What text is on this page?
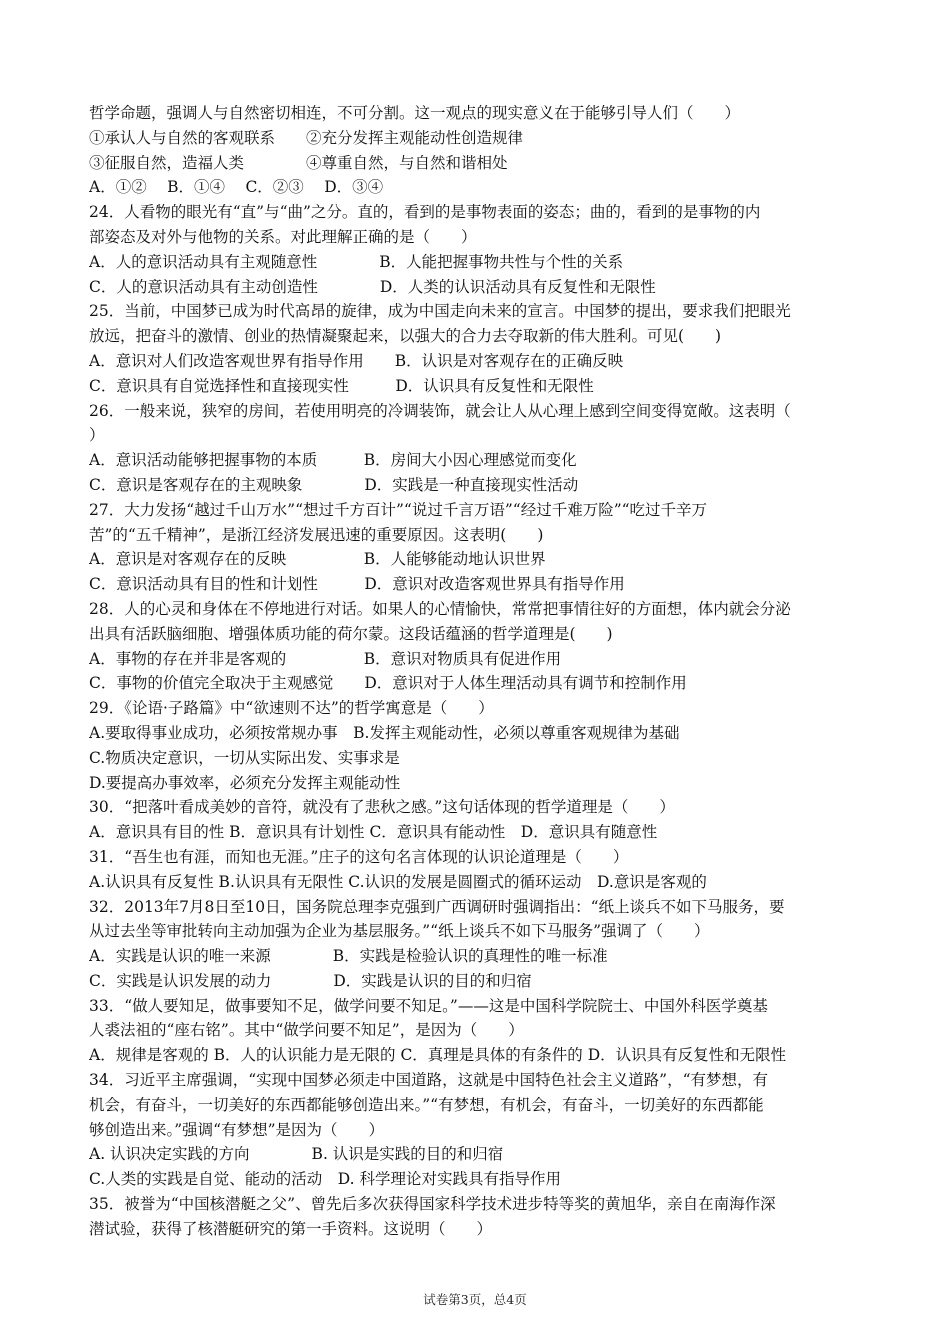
哲学命题，强调人与自然密切相连，不可分割。这一观点的现实意义在于能够引导人们（　　）
①承认人与自然的客观联系　　②充分发挥主观能动性创造规律
③征服自然，造福人类　　　　④尊重自然，与自然和谐相处
A．①②　 B．①④　 C．②③　 D．③④
24．人看物的眼光有“直”与“曲”之分。直的，看到的是事物表面的姿态；曲的，看到的是事物的内
部姿态及对外与他物的关系。对此理解正确的是（　　）
A．人的意识活动具有主观随意性　　　　B．人能把握事物共性与个性的关系
C．人的意识活动具有主动创造性　　　　D．人类的认识活动具有反复性和无限性
25．当前，中国梦已成为时代高昂的旋律，成为中国走向未来的宣言。中国梦的提出，要求我们把眼光
放远，把奋斗的激情、创业的热情凝聚起来，以强大的合力去夺取新的伟大胜利。可见(　　)
A．意识对人们改造客观世界有指导作用　　B．认识是对客观存在的正确反映
C．意识具有自觉选择性和直接现实性　　　D．认识具有反复性和无限性
26．一般来说，狭窄的房间，若使用明亮的冷调装饰，就会让人从心理上感到空间变得宽敞。这表明（
）
A．意识活动能够把握事物的本质　　　B．房间大小因心理感觉而变化
C．意识是客观存在的主观映象　　　　D．实践是一种直接现实性活动
27．大力发扬“越过千山万水”“想过千方百计”“说过千言万语”“经过千难万险”“吃过千辛万
苦”的“五千精神”，是浙江经济发展迅速的重要原因。这表明(　　)
A．意识是对客观存在的反映　　　　　B．人能够能动地认识世界
C．意识活动具有目的性和计划性　　　D．意识对改造客观世界具有指导作用
28．人的心灵和身体在不停地进行对话。如果人的心情愉快，常常把事情往好的方面想，体内就会分泌
出具有活跃脑细胞、增强体质功能的荷尔蒙。这段话蕴涵的哲学道理是(　　)
A．事物的存在并非是客观的　　　　　B．意识对物质具有促进作用
C．事物的价值完全取决于主观感觉　　D．意识对于人体生理活动具有调节和控制作用
29．《论语·子路篇》中“欲速则不达”的哲学寓意是（　　）
A.要取得事业成功，必须按常规办事　B.发挥主观能动性，必须以尊重客观规律为基础
C.物质决定意识，一切从实际出发、实事求是
D.要提高办事效率，必须充分发挥主观能动性
30．“把落叶看成美妙的音符，就没有了悲秋之感。”这句话体现的哲学道理是（　　）
A．意识具有目的性 B．意识具有计划性 C．意识具有能动性　D．意识具有随意性
31．“吾生也有涯，而知也无涯。”庄子的这句名言体现的认识论道理是（　　）
A.认识具有反复性 B.认识具有无限性 C.认识的发展是圆圈式的循环运动　D.意识是客观的
32．2013年7月8日至10日，国务院总理李克强到广西调研时强调指出：“纸上谈兵不如下马服务，要
从过去坐等审批转向主动加强为企业为基层服务。”“纸上谈兵不如下马服务”强调了（　　）
A．实践是认识的唯一来源　　　　B．实践是检验认识的真理性的唯一标准
C．实践是认识发展的动力　　　　D．实践是认识的目的和归宿
33．“做人要知足，做事要知不足，做学问要不知足。”——这是中国科学院院士、中国外科医学奠基
人裘法祖的“座右铭”。其中“做学问要不知足”，是因为（　　）
A．规律是客观的 B．人的认识能力是无限的 C．真理是具体的有条件的 D．认识具有反复性和无限性
34．习近平主席强调，“实现中国梦必须走中国道路，这就是中国特色社会主义道路”，“有梦想，有
机会，有奋斗，一切美好的东西都能够创造出来。”“有梦想，有机会，有奋斗，一切美好的东西都能
够创造出来。”强调“有梦想”是因为（　　）
A. 认识决定实践的方向　　　　B. 认识是实践的目的和归宿
C.人类的实践是自觉、能动的活动　D. 科学理论对实践具有指导作用
35．被誉为“中国核潜艇之父”、曾先后多次获得国家科学技术进步特等奖的黄旭华，亲自在南海作深
潜试验，获得了核潜艇研究的第一手资料。这说明（　　）
试卷第3页，总4页
